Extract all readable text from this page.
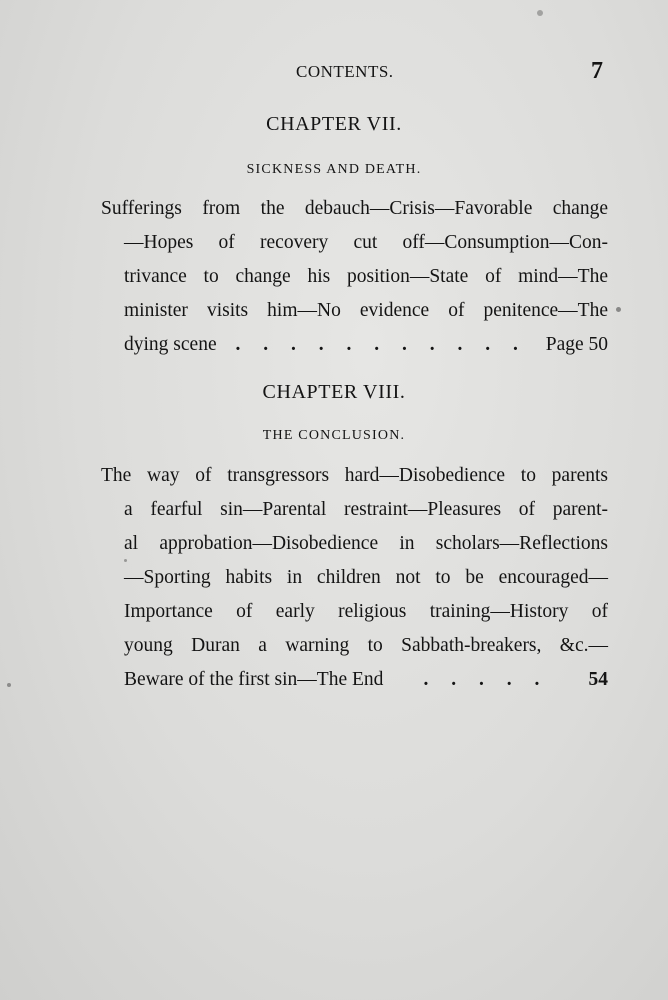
CONTENTS.	7
CHAPTER VII.
SICKNESS AND DEATH.
Sufferings from the debauch—Crisis—Favorable change
—Hopes of recovery cut off—Consumption—Con-
trivance to change his position—State of mind—The
minister visits him—No evidence of penitence—The
dying scene . . . . . . . . . . . Page 50
CHAPTER VIII.
THE CONCLUSION.
The way of transgressors hard—Disobedience to parents
a fearful sin—Parental restraint—Pleasures of parent-
al approbation—Disobedience in scholars—Reflections
—Sporting habits in children not to be encouraged—
Importance of early religious training—History of
young Duran a warning to Sabbath-breakers, &c.—
Beware of the first sin—The End	. . . . .	54
